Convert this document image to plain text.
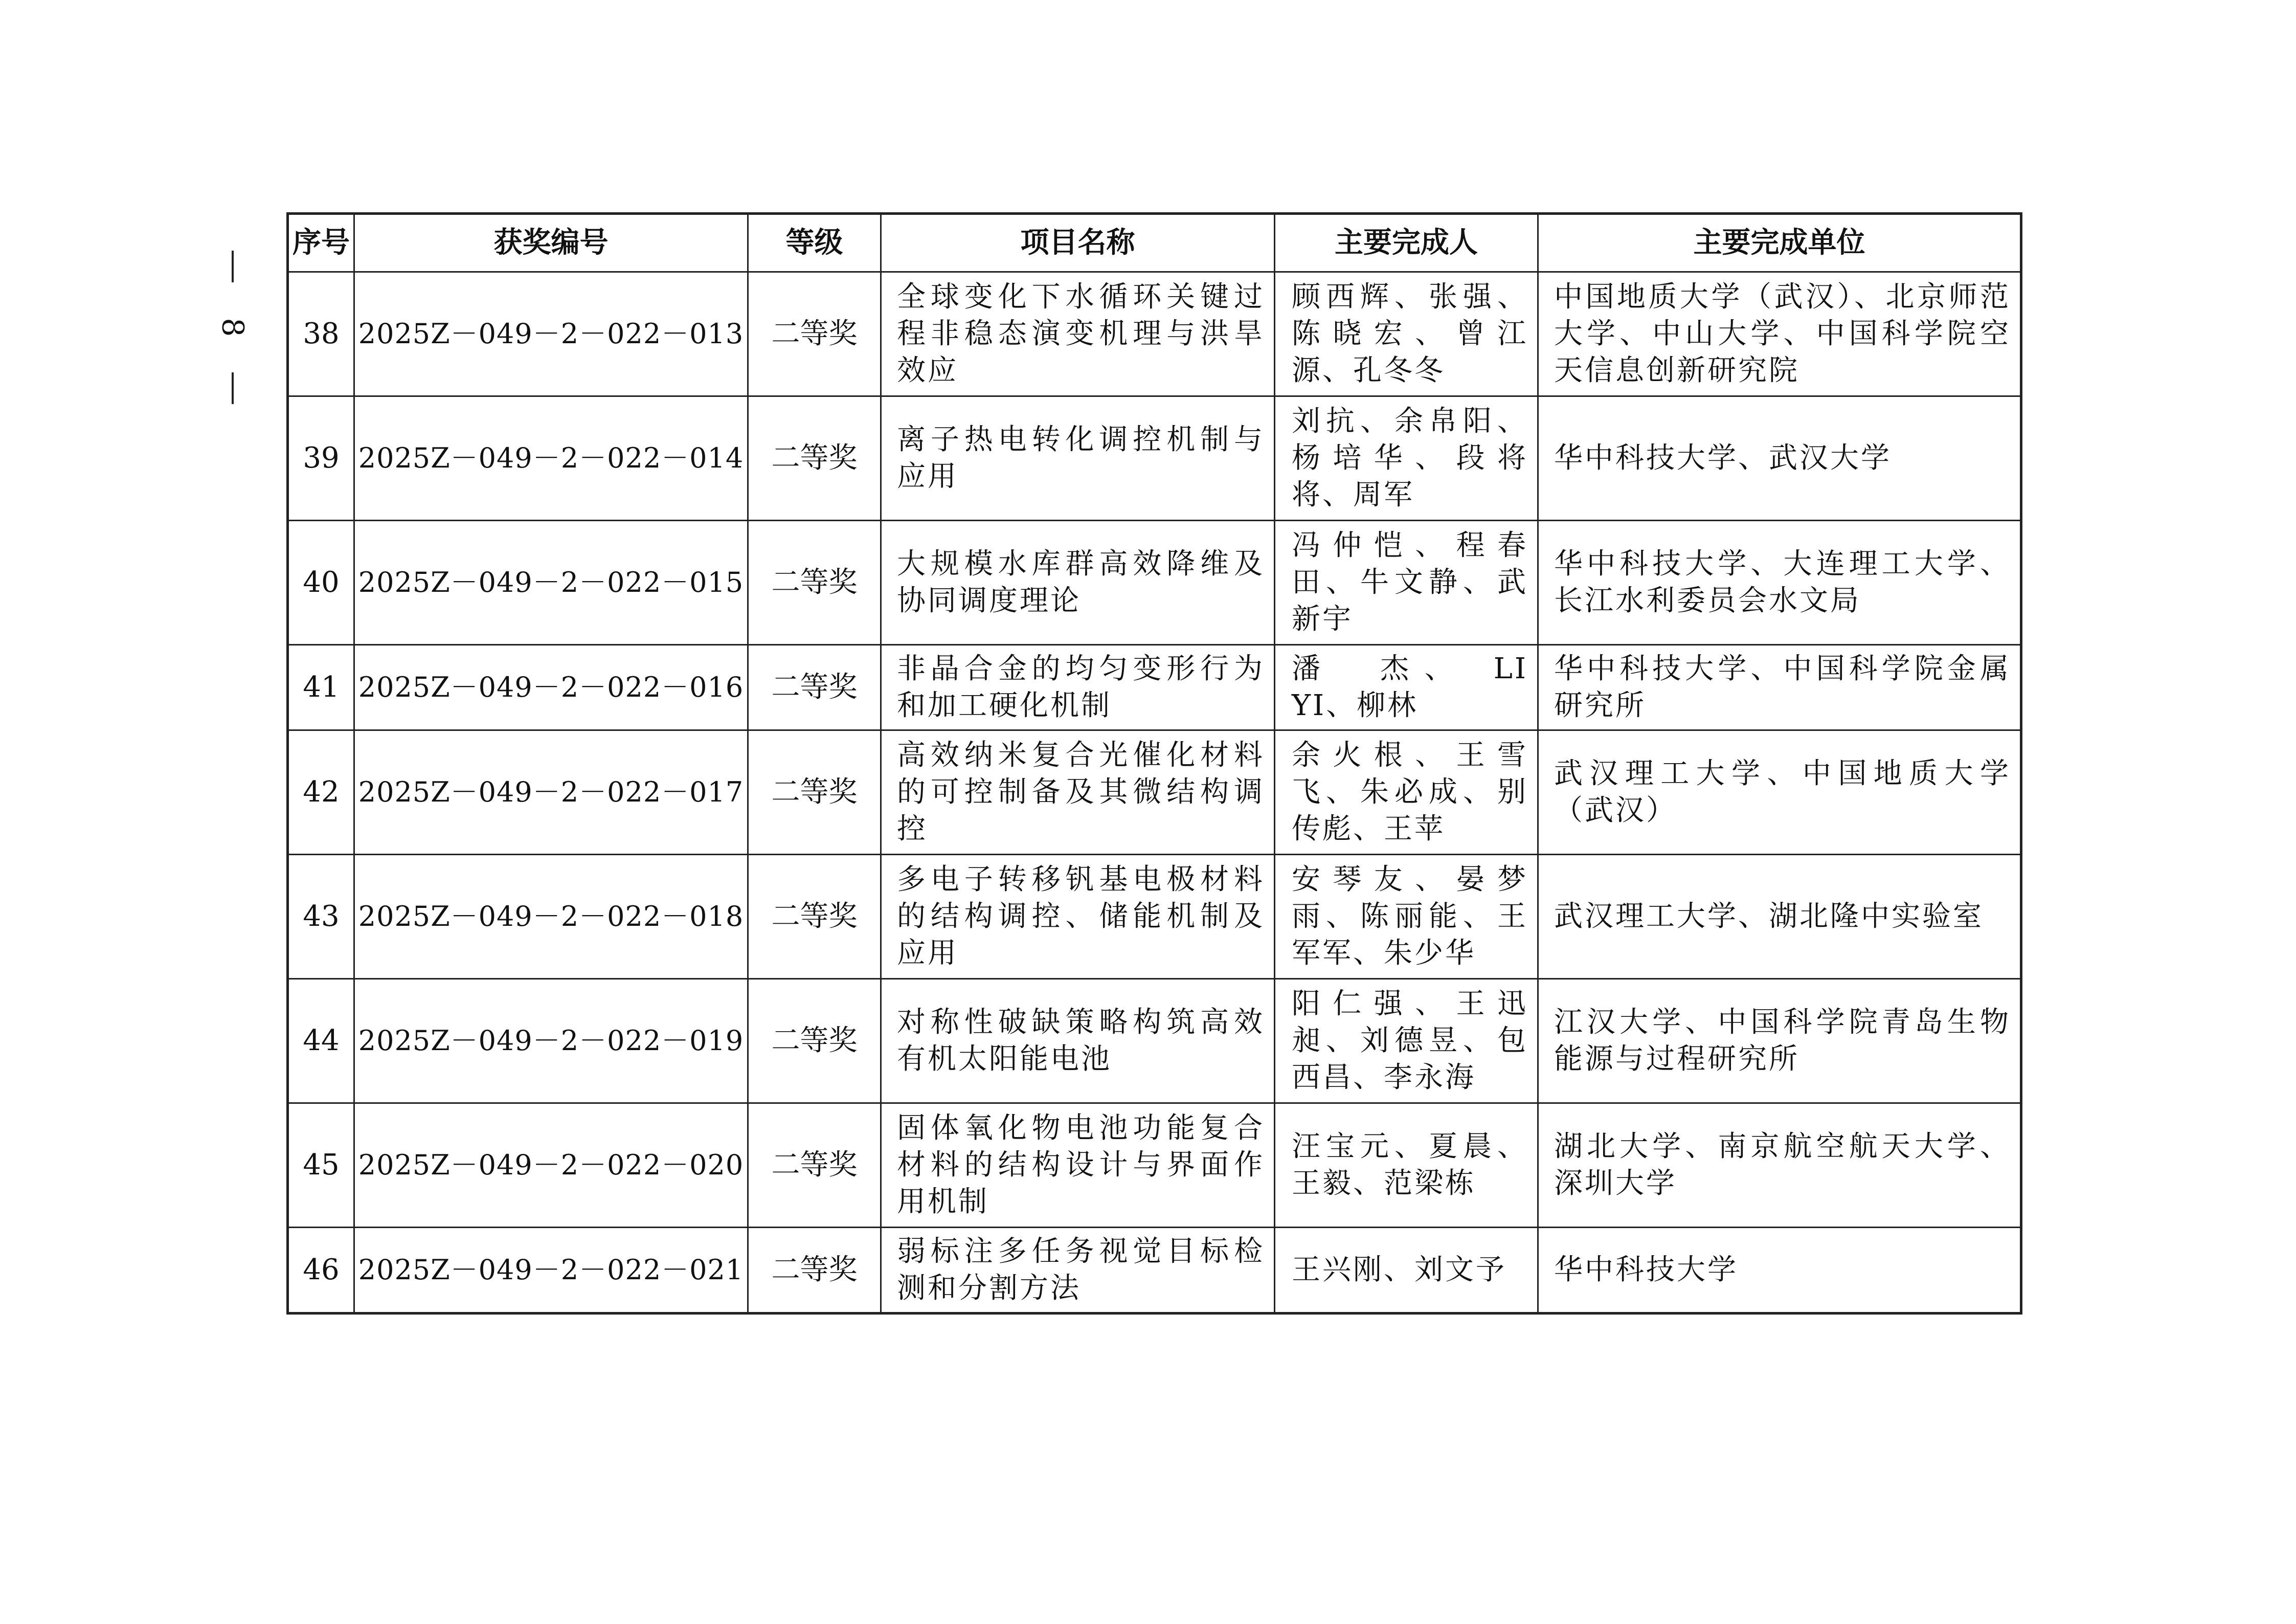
8
序号	获奖编号	等级	项目名称	主要完成人	主要完成单位
38	2025Z－049－2－022－013	二等奖	全球变化下水循环关键过程非稳态演变机理与洪旱效应	顾西辉、张强、陈晓宏、曾江源、孔冬冬	中国地质大学（武汉）、北京师范大学、中山大学、中国科学院空天信息创新研究院
39	2025Z－049－2－022－014	二等奖	离子热电转化调控机制与应用	刘抗、余帛阳、杨培华、段将将、周军	华中科技大学、武汉大学
40	2025Z－049－2－022－015	二等奖	大规模水库群高效降维及协同调度理论	冯仲恺、程春田、牛文静、武新宇	华中科技大学、大连理工大学、长江水利委员会水文局
41	2025Z－049－2－022－016	二等奖	非晶合金的均匀变形行为和加工硬化机制	潘　杰、 LI YI、柳林	华中科技大学、中国科学院金属研究所
42	2025Z－049－2－022－017	二等奖	高效纳米复合光催化材料的可控制备及其微结构调控	余火根、王雪飞、朱必成、别传彪、王苹	武汉理工大学、中国地质大学（武汉）
43	2025Z－049－2－022－018	二等奖	多电子转移钒基电极材料的结构调控、储能机制及应用	安琴友、晏梦雨、陈丽能、王军军、朱少华	武汉理工大学、湖北隆中实验室
44	2025Z－049－2－022－019	二等奖	对称性破缺策略构筑高效有机太阳能电池	阳仁强、王迅昶、刘德昱、包西昌、李永海	江汉大学、中国科学院青岛生物能源与过程研究所
45	2025Z－049－2－022－020	二等奖	固体氧化物电池功能复合材料的结构设计与界面作用机制	汪宝元、夏晨、王毅、范梁栋	湖北大学、南京航空航天大学、深圳大学
46	2025Z－049－2－022－021	二等奖	弱标注多任务视觉目标检测和分割方法	王兴刚、刘文予	华中科技大学
